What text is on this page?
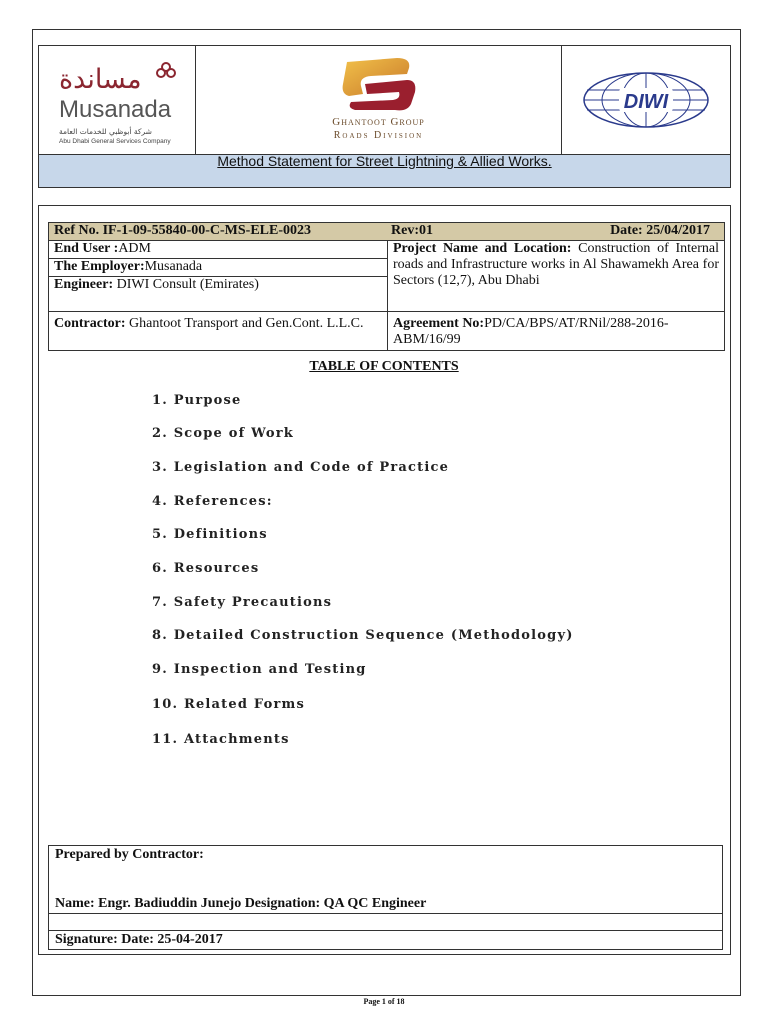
مساندة
Musanada
شركة أبوظبي للخدمات العامة
Abu Dhabi General Services Company
Ghantoot Group
Roads Division
DIWI
Method Statement for Street Lightning & Allied Works.
Ref No. IF-1-09-55840-00-C-MS-ELE-0023	Rev:01	Date: 25/04/2017
End User :ADM
The Employer:Musanada
Engineer: DIWI Consult (Emirates)
Project Name and Location: Construction of Internal roads and Infrastructure works in Al Shawamekh Area for Sectors (12,7), Abu Dhabi
Contractor: Ghantoot Transport and Gen.Cont. L.L.C.	Agreement No:PD/CA/BPS/AT/RNil/288-2016-ABM/16/99
TABLE OF CONTENTS
1. Purpose
2. Scope of Work
3. Legislation and Code of Practice
4. References:
5. Definitions
6. Resources
7. Safety Precautions
8. Detailed Construction Sequence (Methodology)
9. Inspection and Testing
10. Related Forms
11. Attachments
Prepared by Contractor:
Name: Engr. Badiuddin Junejo Designation: QA QC Engineer
Signature: Date: 25-04-2017
Page 1 of 18
